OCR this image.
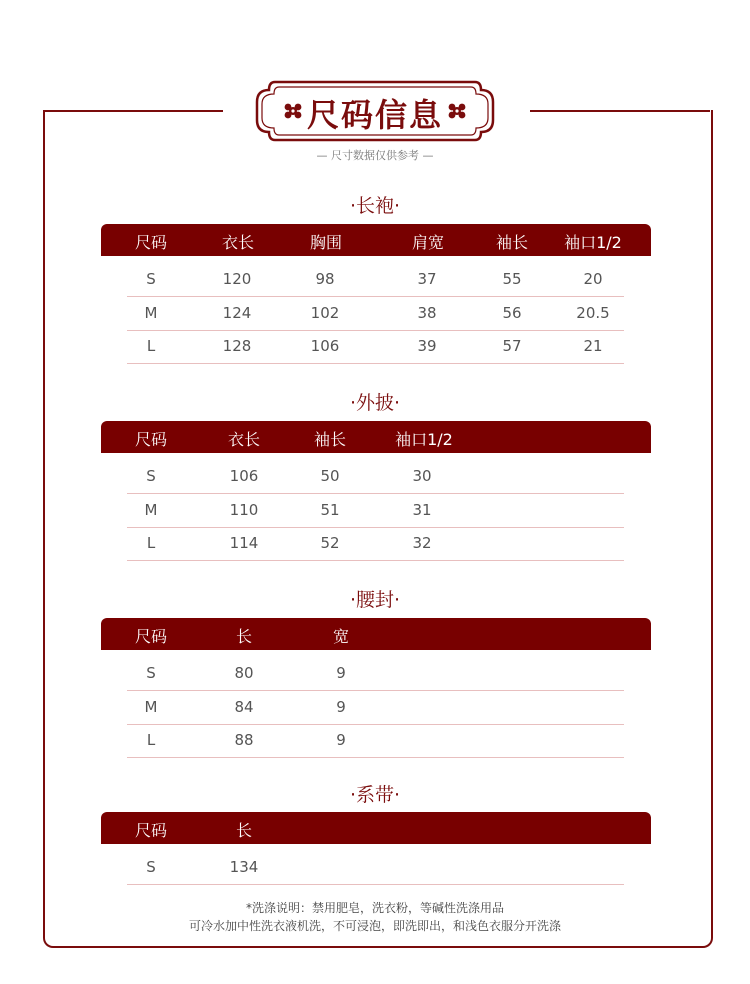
尺码信息
— 尺寸数据仅供参考 —
·长袍·
尺码	衣长	胸围	肩宽	袖长	袖口1/2
S	120	98	37	55	20
M	124	102	38	56	20.5
L	128	106	39	57	21
·外披·
尺码	衣长	袖长	袖口1/2
S	106	50	30
M	110	51	31
L	114	52	32
·腰封·
尺码	长	宽
S	80	9
M	84	9
L	88	9
·系带·
尺码	长
S	134
*洗涤说明：禁用肥皂，洗衣粉，等碱性洗涤用品
可冷水加中性洗衣液机洗，不可浸泡，即洗即出，和浅色衣服分开洗涤
